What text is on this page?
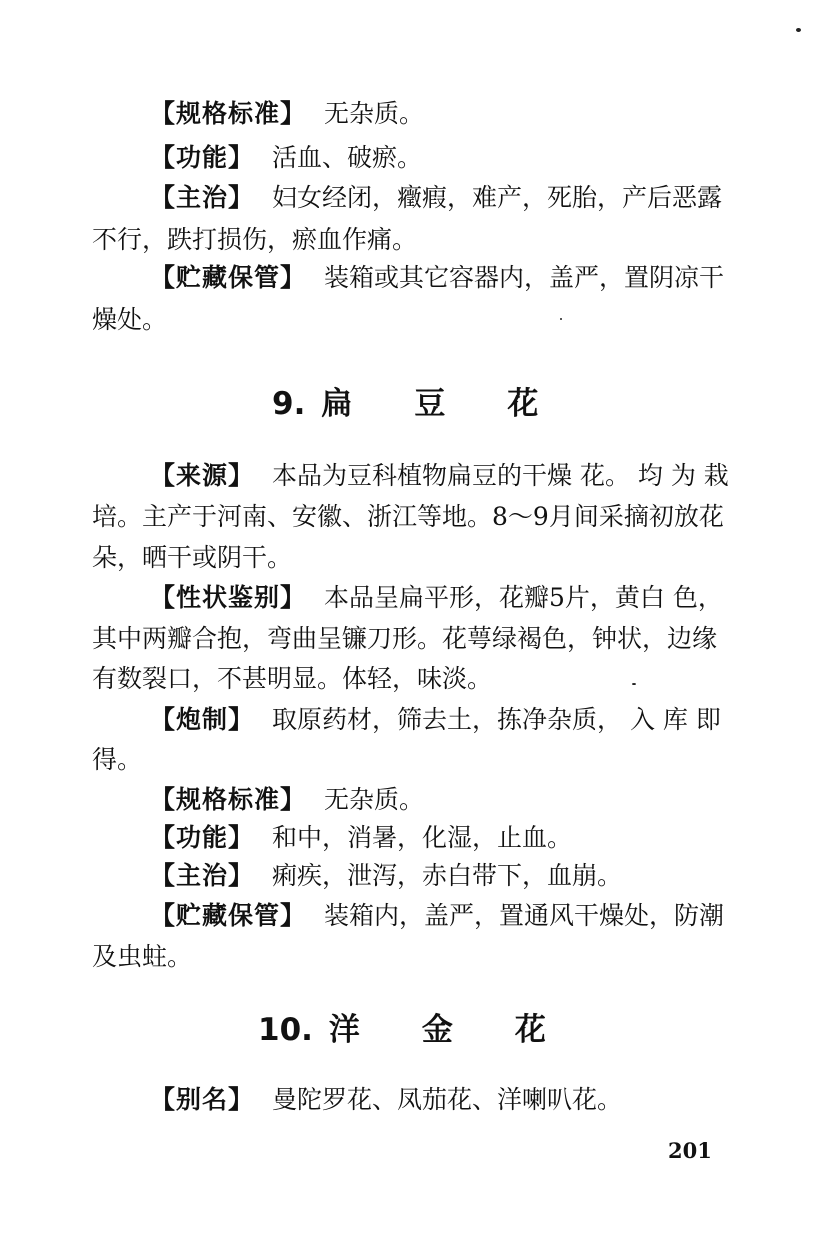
【规格标准】 无杂质。
【功能】 活血、破瘀。
【主治】 妇女经闭，癥瘕，难产，死胎，产后恶露
不行，跌打损伤，瘀血作痛。
【贮藏保管】 装箱或其它容器内，盖严，置阴凉干
燥处。
9. 扁 豆 花
【来源】 本品为豆科植物扁豆的干燥 花。 均 为 栽
培。主产于河南、安徽、浙江等地。8～9月间采摘初放花
朵，晒干或阴干。
【性状鉴别】 本品呈扁平形，花瓣5片，黄白 色，
其中两瓣合抱，弯曲呈镰刀形。花萼绿褐色，钟状，边缘
有数裂口，不甚明显。体轻，味淡。
【炮制】 取原药材，筛去土，拣净杂质， 入 库 即
得。
【规格标准】 无杂质。
【功能】 和中，消暑，化湿，止血。
【主治】 痢疾，泄泻，赤白带下，血崩。
【贮藏保管】 装箱内，盖严，置通风干燥处，防潮
及虫蛀。
10. 洋 金 花
【别名】 曼陀罗花、凤茄花、洋喇叭花。
201
